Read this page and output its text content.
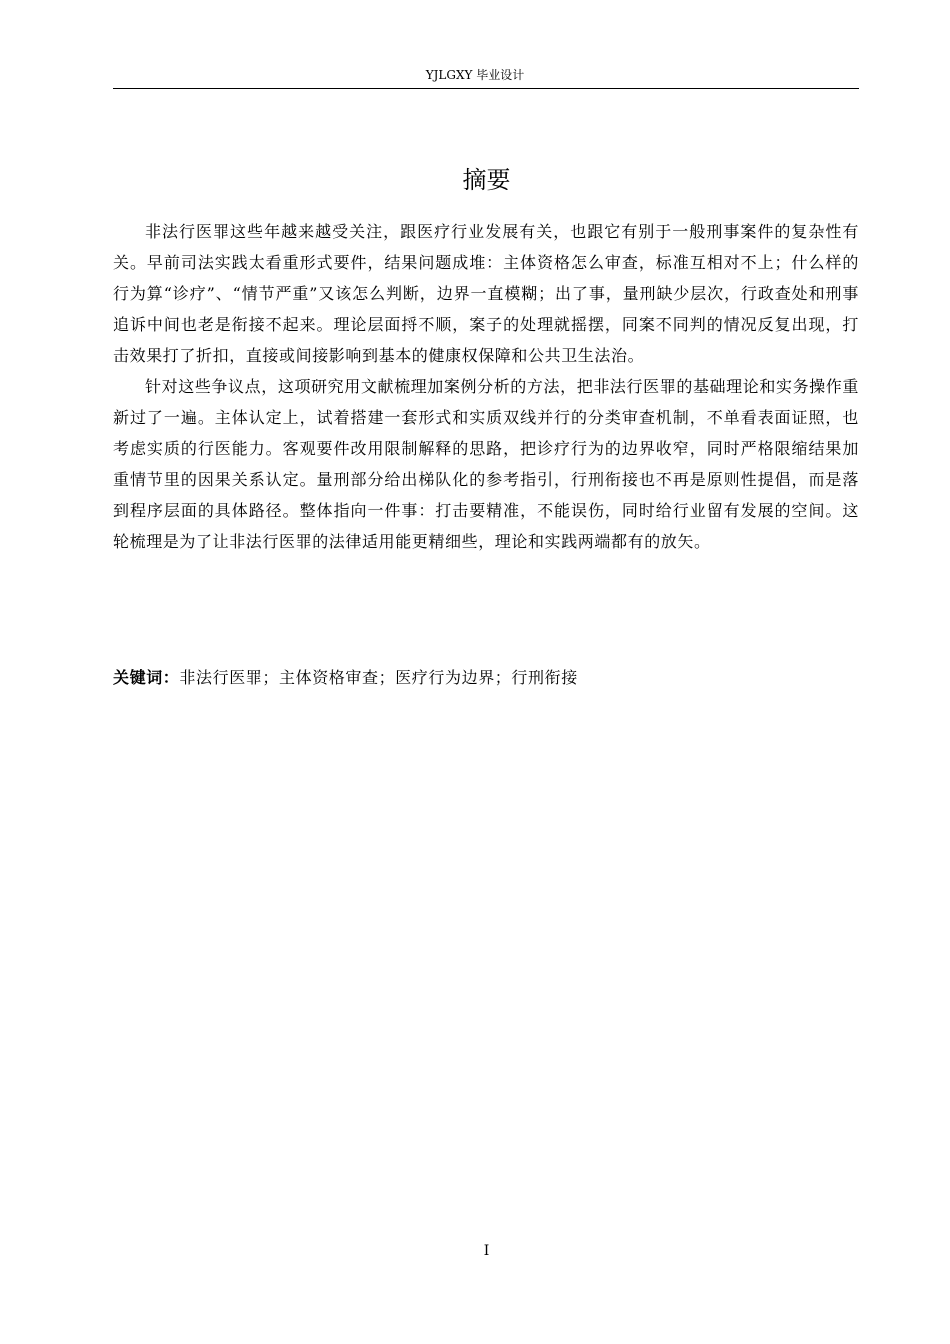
YJLGXY 毕业设计
摘要

非法行医罪这些年越来越受关注，跟医疗行业发展有关，也跟它有别于一般刑事案件的复杂性有关。早前司法实践太看重形式要件，结果问题成堆：主体资格怎么审查，标准互相对不上；什么样的行为算“诊疗”、“情节严重”又该怎么判断，边界一直模糊；出了事，量刑缺少层次，行政查处和刑事追诉中间也老是衔接不起来。理论层面捋不顺，案子的处理就摇摆，同案不同判的情况反复出现，打击效果打了折扣，直接或间接影响到基本的健康权保障和公共卫生法治。

针对这些争议点，这项研究用文献梳理加案例分析的方法，把非法行医罪的基础理论和实务操作重新过了一遍。主体认定上，试着搭建一套形式和实质双线并行的分类审查机制，不单看表面证照，也考虑实质的行医能力。客观要件改用限制解释的思路，把诊疗行为的边界收窄，同时严格限缩结果加重情节里的因果关系认定。量刑部分给出梯队化的参考指引，行刑衔接也不再是原则性提倡，而是落到程序层面的具体路径。整体指向一件事：打击要精准，不能误伤，同时给行业留有发展的空间。这轮梳理是为了让非法行医罪的法律适用能更精细些，理论和实践两端都有的放矢。

关键词：非法行医罪；主体资格审查；医疗行为边界；行刑衔接
I
